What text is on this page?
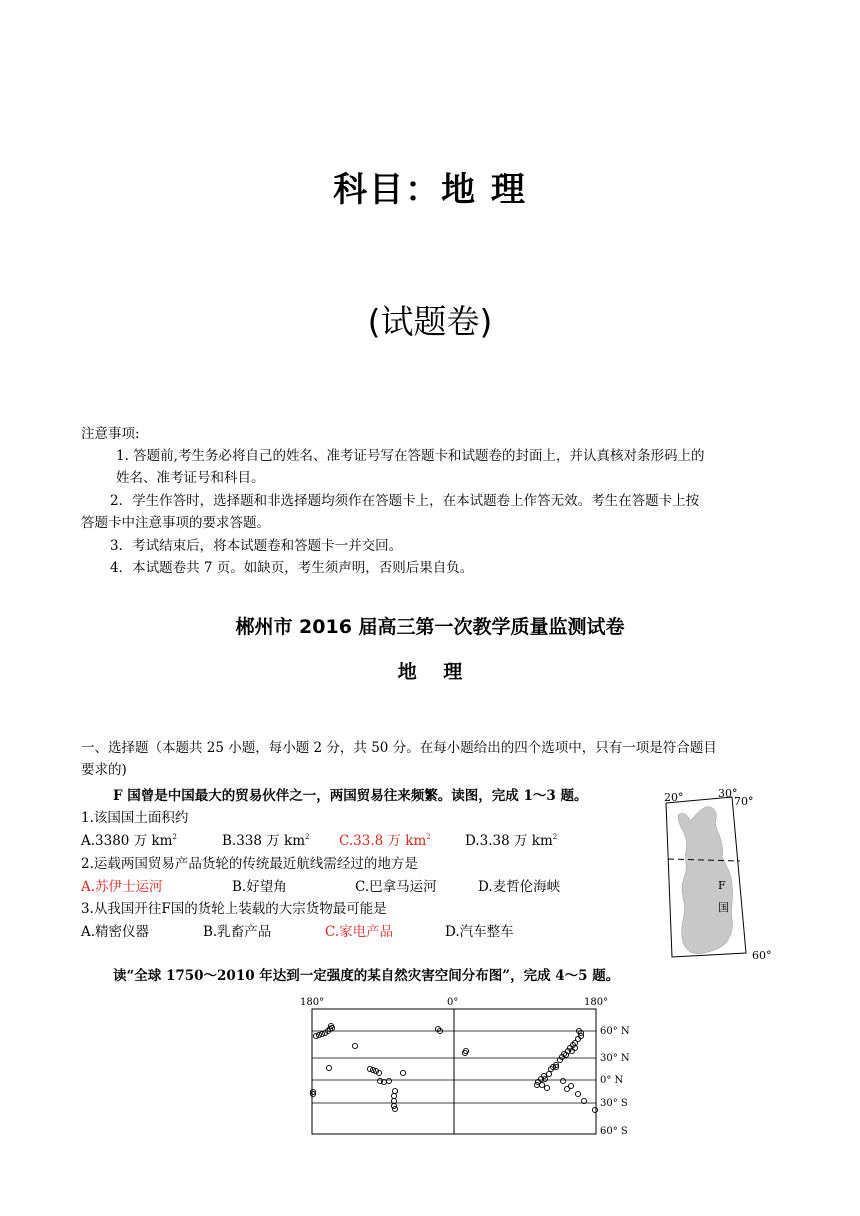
科目：地 理
(试题卷)
注意事项:
1. 答题前,考生务必将自己的姓名、准考证号写在答题卡和试题卷的封面上，并认真核对条形码上的
姓名、准考证号和科目。
2．学生作答时，选择题和非选择题均须作在答题卡上，在本试题卷上作答无效。考生在答题卡上按
答题卡中注意事项的要求答题。
3．考试结束后，将本试题卷和答题卡一并交回。
4．本试题卷共 7 页。如缺页，考生须声明，否则后果自负。
郴州市 2016 届高三第一次教学质量监测试卷
地    理
一、选择题（本题共 25 小题，每小题 2 分，共 50 分。在每小题给出的四个选项中，只有一项是符合题目
要求的)
F 国曾是中国最大的贸易伙伴之一，两国贸易往来频繁。读图，完成 1～3 题。
1.该国国土面积约
A.3380 万 $km^2$	B.338 万 $km^2$ C.33.8 万 $km^2$	D.3.38 万 $km^2$
2.运载两国贸易产品货轮的传统最近航线需经过的地方是
A.苏伊士运河	B.好望角	C.巴拿马运河	D.麦哲伦海峡
3.从我国开往F国的货轮上装载的大宗货物最可能是
A.精密仪器	B.乳畜产品	C.家电产品	D.汽车整车
读“全球 1750～2010 年达到一定强度的某自然灾害空间分布图”，完成 4～5 题。
20°	30°
70°
60°
F
国
180°	0°	180°
60° N
30° N
0° N
30° S
60° S
